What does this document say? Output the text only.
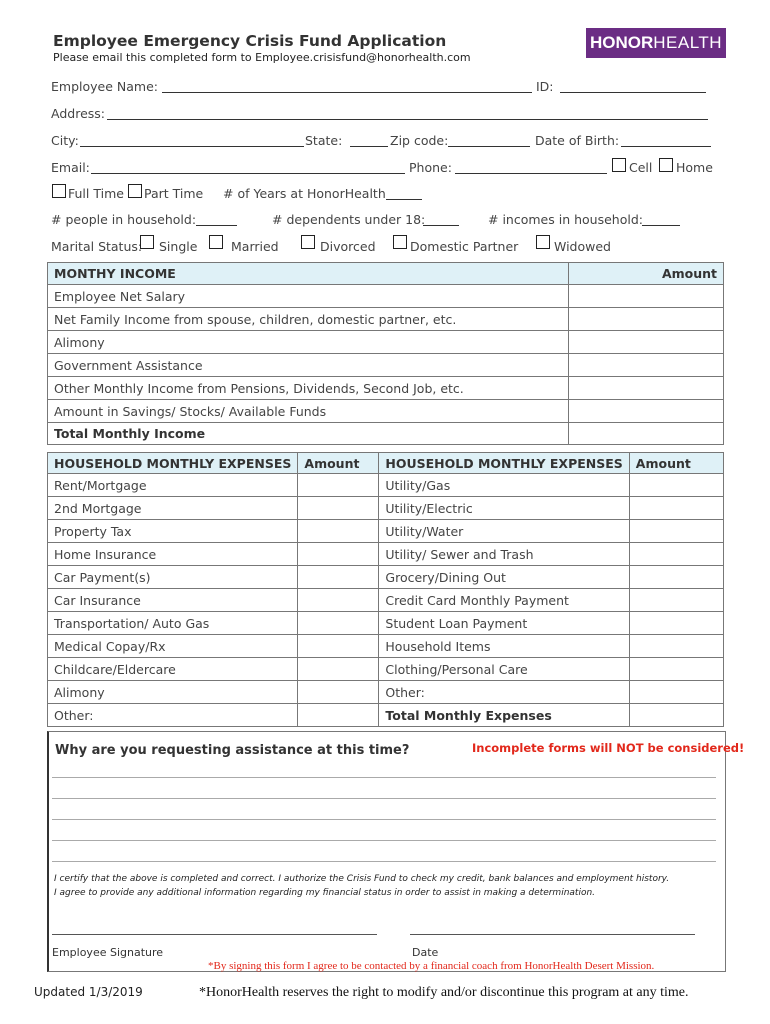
Employee Emergency Crisis Fund Application
Please email this completed form to Employee.crisisfund@honorhealth.com
HONORHEALTH
Employee Name:	ID:
Address:
City:	State:	Zip code:	Date of Birth:
Email:	Phone:	Cell Home
Full Time Part Time # of Years at HonorHealth
# people in household:	# dependents under 18:	# incomes in household:
Marital Status: Single	Married	Divorced	Domestic Partner	Widowed
MONTHY INCOME	Amount
Employee Net Salary	
Net Family Income from spouse, children, domestic partner, etc.	
Alimony	
Government Assistance	
Other Monthly Income from Pensions, Dividends, Second Job, etc.	
Amount in Savings/ Stocks/ Available Funds	
Total Monthly Income	
HOUSEHOLD MONTHLY EXPENSES	Amount	HOUSEHOLD MONTHLY EXPENSES	Amount
Rent/Mortgage		Utility/Gas	
2nd Mortgage		Utility/Electric	
Property Tax		Utility/Water	
Home Insurance		Utility/ Sewer and Trash	
Car Payment(s)		Grocery/Dining Out	
Car Insurance		Credit Card Monthly Payment	
Transportation/ Auto Gas		Student Loan Payment	
Medical Copay/Rx		Household Items	
Childcare/Eldercare		Clothing/Personal Care	
Alimony		Other:	
Other:		Total Monthly Expenses	
Why are you requesting assistance at this time?	Incomplete forms will NOT be considered!
I certify that the above is completed and correct. I authorize the Crisis Fund to check my credit, bank balances and employment history.
I agree to provide any additional information regarding my financial status in order to assist in making a determination.
Employee Signature	Date
*By signing this form I agree to be contacted by a financial coach from HonorHealth Desert Mission.
Updated 1/3/2019	*HonorHealth reserves the right to modify and/or discontinue this program at any time.
